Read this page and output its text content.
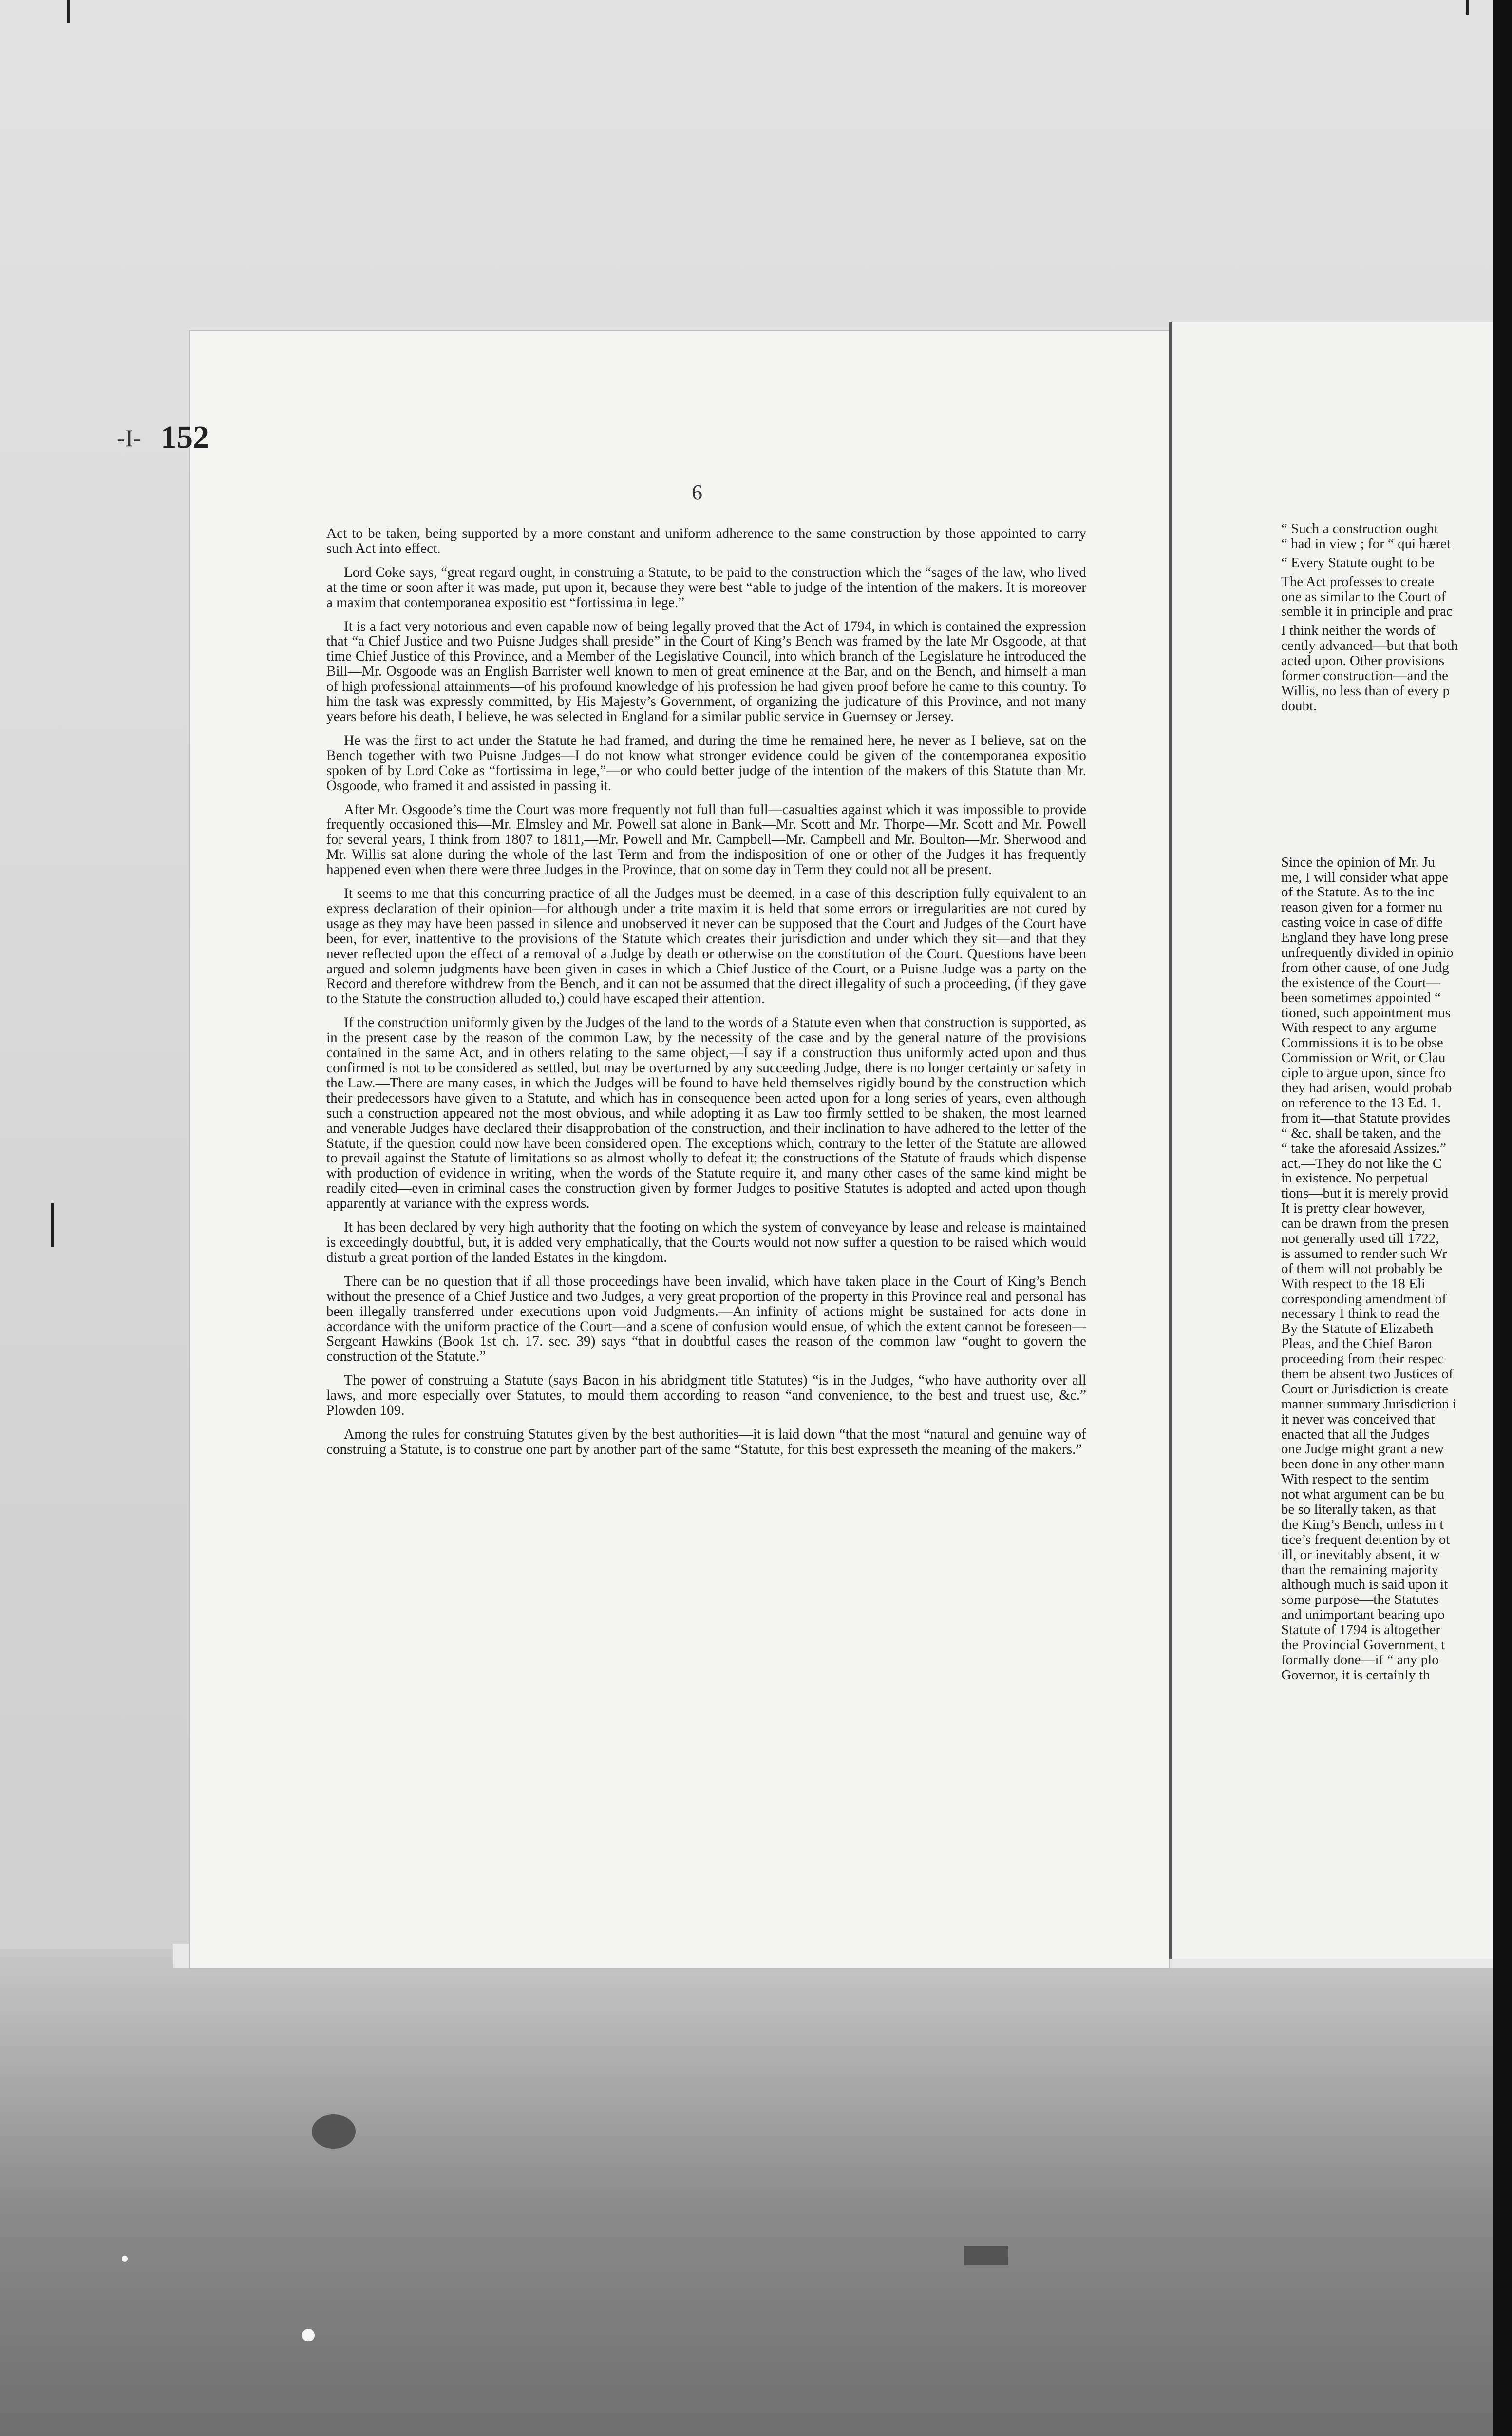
-I- 152
6

Act to be taken, being supported by a more constant and uniform adherence to the same construction by those appointed to carry such Act into effect.

Lord Coke says, “great regard ought, in construing a Statute, to be paid to the construction which the “sages of the law, who lived at the time or soon after it was made, put upon it, because they were best “able to judge of the intention of the makers. It is moreover a maxim that contemporanea expositio est “fortissima in lege.”

It is a fact very notorious and even capable now of being legally proved that the Act of 1794, in which is contained the expression that “a Chief Justice and two Puisne Judges shall preside” in the Court of King’s Bench was framed by the late Mr Osgoode, at that time Chief Justice of this Province, and a Member of the Legislative Council, into which branch of the Legislature he introduced the Bill—Mr. Osgoode was an English Barrister well known to men of great eminence at the Bar, and on the Bench, and himself a man of high professional attainments—of his profound knowledge of his profession he had given proof before he came to this country. To him the task was expressly committed, by His Majesty’s Government, of organizing the judicature of this Province, and not many years before his death, I believe, he was selected in England for a similar public service in Guernsey or Jersey.

He was the first to act under the Statute he had framed, and during the time he remained here, he never as I believe, sat on the Bench together with two Puisne Judges—I do not know what stronger evidence could be given of the contemporanea expositio spoken of by Lord Coke as “fortissima in lege,”—or who could better judge of the intention of the makers of this Statute than Mr. Osgoode, who framed it and assisted in passing it.

After Mr. Osgoode’s time the Court was more frequently not full than full—casualties against which it was impossible to provide frequently occasioned this—Mr. Elmsley and Mr. Powell sat alone in Bank—Mr. Scott and Mr. Thorpe—Mr. Scott and Mr. Powell for several years, I think from 1807 to 1811,—Mr. Powell and Mr. Campbell—Mr. Campbell and Mr. Boulton—Mr. Sherwood and Mr. Willis sat alone during the whole of the last Term and from the indisposition of one or other of the Judges it has frequently happened even when there were three Judges in the Province, that on some day in Term they could not all be present.

It seems to me that this concurring practice of all the Judges must be deemed, in a case of this description fully equivalent to an express declaration of their opinion—for although under a trite maxim it is held that some errors or irregularities are not cured by usage as they may have been passed in silence and unobserved it never can be supposed that the Court and Judges of the Court have been, for ever, inattentive to the provisions of the Statute which creates their jurisdiction and under which they sit—and that they never reflected upon the effect of a removal of a Judge by death or otherwise on the constitution of the Court. Questions have been argued and solemn judgments have been given in cases in which a Chief Justice of the Court, or a Puisne Judge was a party on the Record and therefore withdrew from the Bench, and it can not be assumed that the direct illegality of such a proceeding, (if they gave to the Statute the construction alluded to,) could have escaped their attention.

If the construction uniformly given by the Judges of the land to the words of a Statute even when that construction is supported, as in the present case by the reason of the common Law, by the necessity of the case and by the general nature of the provisions contained in the same Act, and in others relating to the same object,—I say if a construction thus uniformly acted upon and thus confirmed is not to be considered as settled, but may be overturned by any succeeding Judge, there is no longer certainty or safety in the Law.—There are many cases, in which the Judges will be found to have held themselves rigidly bound by the construction which their predecessors have given to a Statute, and which has in consequence been acted upon for a long series of years, even although such a construction appeared not the most obvious, and while adopting it as Law too firmly settled to be shaken, the most learned and venerable Judges have declared their disapprobation of the construction, and their inclination to have adhered to the letter of the Statute, if the question could now have been considered open. The exceptions which, contrary to the letter of the Statute are allowed to prevail against the Statute of limitations so as almost wholly to defeat it; the constructions of the Statute of frauds which dispense with production of evidence in writing, when the words of the Statute require it, and many other cases of the same kind might be readily cited—even in criminal cases the construction given by former Judges to positive Statutes is adopted and acted upon though apparently at variance with the express words.

It has been declared by very high authority that the footing on which the system of conveyance by lease and release is maintained is exceedingly doubtful, but, it is added very emphatically, that the Courts would not now suffer a question to be raised which would disturb a great portion of the landed Estates in the kingdom.

There can be no question that if all those proceedings have been invalid, which have taken place in the Court of King’s Bench without the presence of a Chief Justice and two Judges, a very great proportion of the property in this Province real and personal has been illegally transferred under executions upon void Judgments.—An infinity of actions might be sustained for acts done in accordance with the uniform practice of the Court—and a scene of confusion would ensue, of which the extent cannot be foreseen—Sergeant Hawkins (Book 1st ch. 17. sec. 39) says “that in doubtful cases the reason of the common law “ought to govern the construction of the Statute.”

The power of construing a Statute (says Bacon in his abridgment title Statutes) “is in the Judges, “who have authority over all laws, and more especially over Statutes, to mould them according to reason “and convenience, to the best and truest use, &c.” Plowden 109.

Among the rules for construing Statutes given by the best authorities—it is laid down “that the most “natural and genuine way of construing a Statute, is to construe one part by another part of the same “Statute, for this best expresseth the meaning of the makers.”

“ Such a construction ought
“ had in view ; for “ qui hæret
“ Every Statute ought to be
The Act professes to create
one as similar to the Court of
semble it in principle and prac
I think neither the words of
cently advanced—but that both
acted upon. Other provisions
former construction—and the
Willis, no less than of every p
doubt.
Since the opinion of Mr. Ju
me, I will consider what appe
of the Statute. As to the inc
reason given for a former nu
casting voice in case of diffe
England they have long prese
unfrequently divided in opinio
from other cause, of one Judg
the existence of the Court—
been sometimes appointed “
tioned, such appointment mus
With respect to any argume
Commissions it is to be obse
Commission or Writ, or Clau
ciple to argue upon, since fro
they had arisen, would probab
on reference to the 13 Ed. 1.
from it—that Statute provides
“ &c. shall be taken, and the
“ take the aforesaid Assizes.”
act.—They do not like the C
in existence. No perpetual
tions—but it is merely provid
It is pretty clear however,
can be drawn from the presen
not generally used till 1722,
is assumed to render such Wr
of them will not probably be
With respect to the 18 Eli
corresponding amendment of
necessary I think to read the
By the Statute of Elizabeth
Pleas, and the Chief Baron
proceeding from their respec
them be absent two Justices of
Court or Jurisdiction is create
manner summary Jurisdiction i
it never was conceived that
enacted that all the Judges
one Judge might grant a new
been done in any other mann
With respect to the sentim
not what argument can be bu
be so literally taken, as that
the King’s Bench, unless in t
tice’s frequent detention by ot
ill, or inevitably absent, it w
than the remaining majority
although much is said upon it
some purpose—the Statutes
and unimportant bearing upo
Statute of 1794 is altogether
the Provincial Government, t
formally done—if “ any plo
Governor, it is certainly th
